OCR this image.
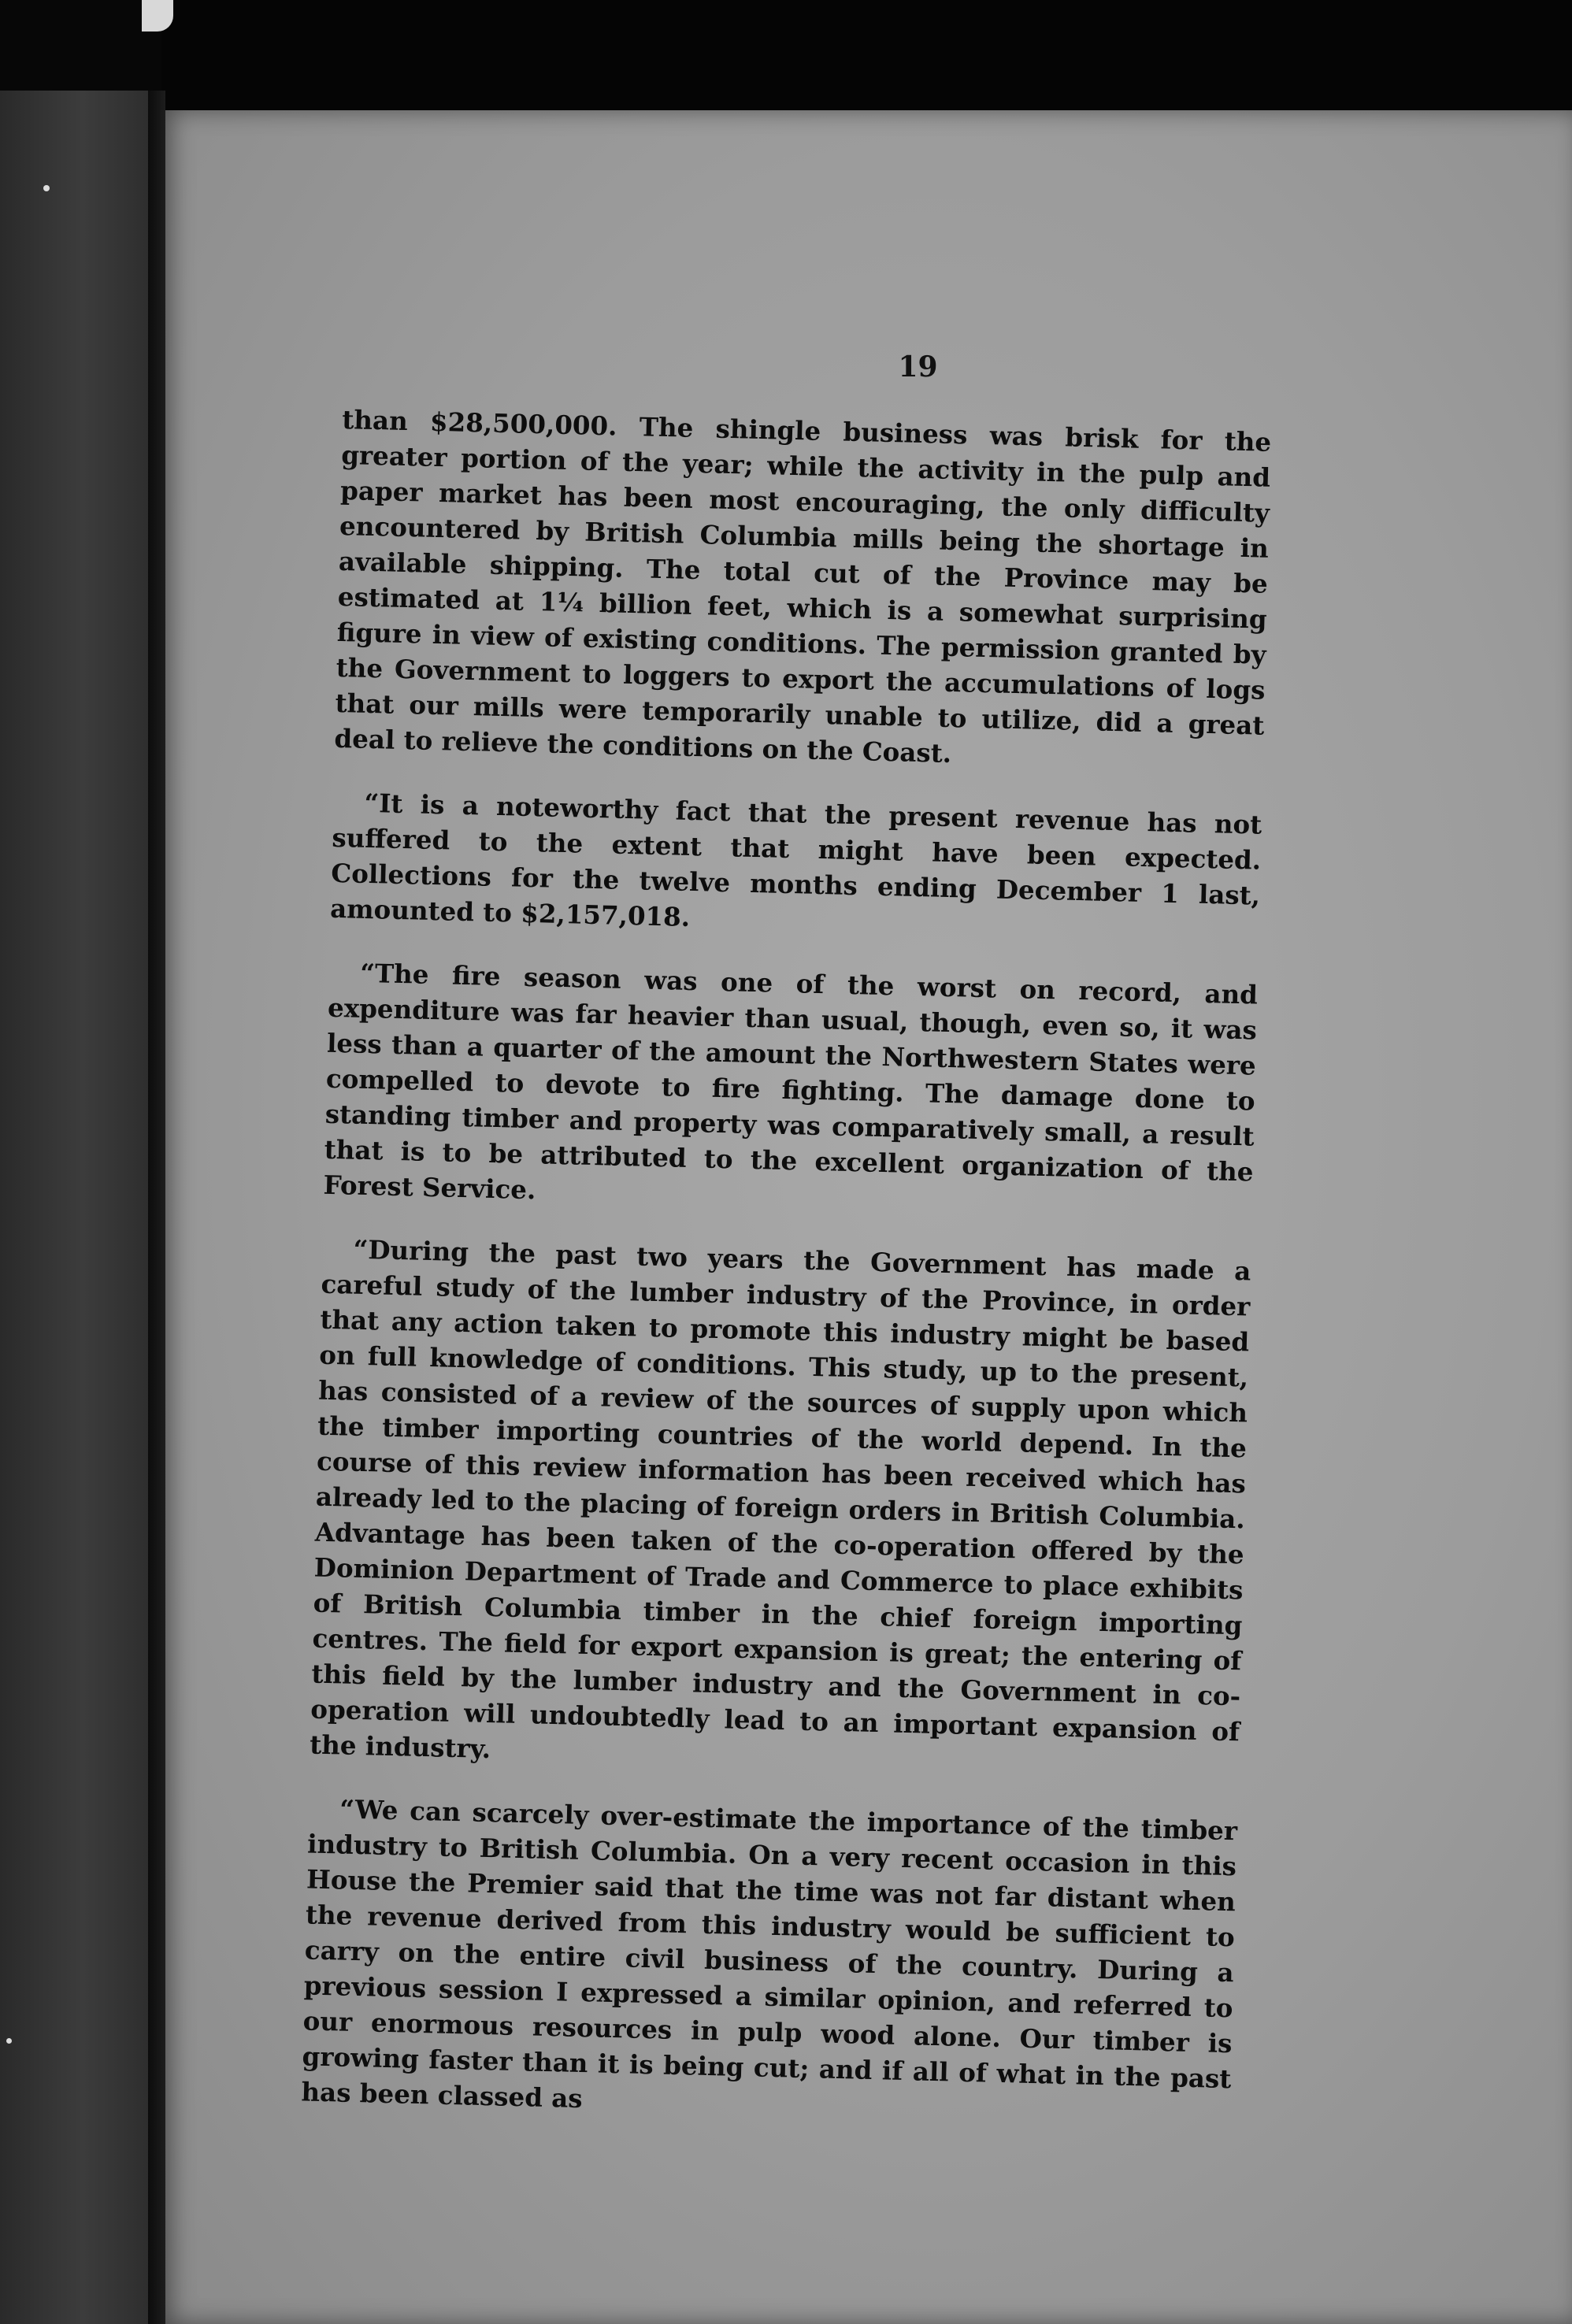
19

than $28,500,000. The shingle business was brisk for the greater portion of the year; while the activity in the pulp and paper market has been most encouraging, the only difficulty encountered by British Columbia mills being the shortage in available shipping. The total cut of the Province may be estimated at 1¼ billion feet, which is a somewhat surprising figure in view of existing conditions. The permission granted by the Government to loggers to export the accumulations of logs that our mills were temporarily unable to utilize, did a great deal to relieve the conditions on the Coast.

“It is a noteworthy fact that the present revenue has not suffered to the extent that might have been expected. Collections for the twelve months ending December 1 last, amounted to $2,157,018.

“The fire season was one of the worst on record, and expenditure was far heavier than usual, though, even so, it was less than a quarter of the amount the Northwestern States were compelled to devote to fire fighting. The damage done to standing timber and property was comparatively small, a result that is to be attributed to the excellent organization of the Forest Service.

“During the past two years the Government has made a careful study of the lumber industry of the Province, in order that any action taken to promote this industry might be based on full knowledge of conditions. This study, up to the present, has consisted of a review of the sources of supply upon which the timber importing countries of the world depend. In the course of this review information has been received which has already led to the placing of foreign orders in British Columbia. Advantage has been taken of the co-operation offered by the Dominion Department of Trade and Commerce to place exhibits of British Columbia timber in the chief foreign importing centres. The field for export expansion is great; the entering of this field by the lumber industry and the Government in co-operation will undoubtedly lead to an important expansion of the industry.

“We can scarcely over-estimate the importance of the timber industry to British Columbia. On a very recent occasion in this House the Premier said that the time was not far distant when the revenue derived from this industry would be sufficient to carry on the entire civil business of the country. During a previous session I expressed a similar opinion, and referred to our enormous resources in pulp wood alone. Our timber is growing faster than it is being cut; and if all of what in the past has been classed as
